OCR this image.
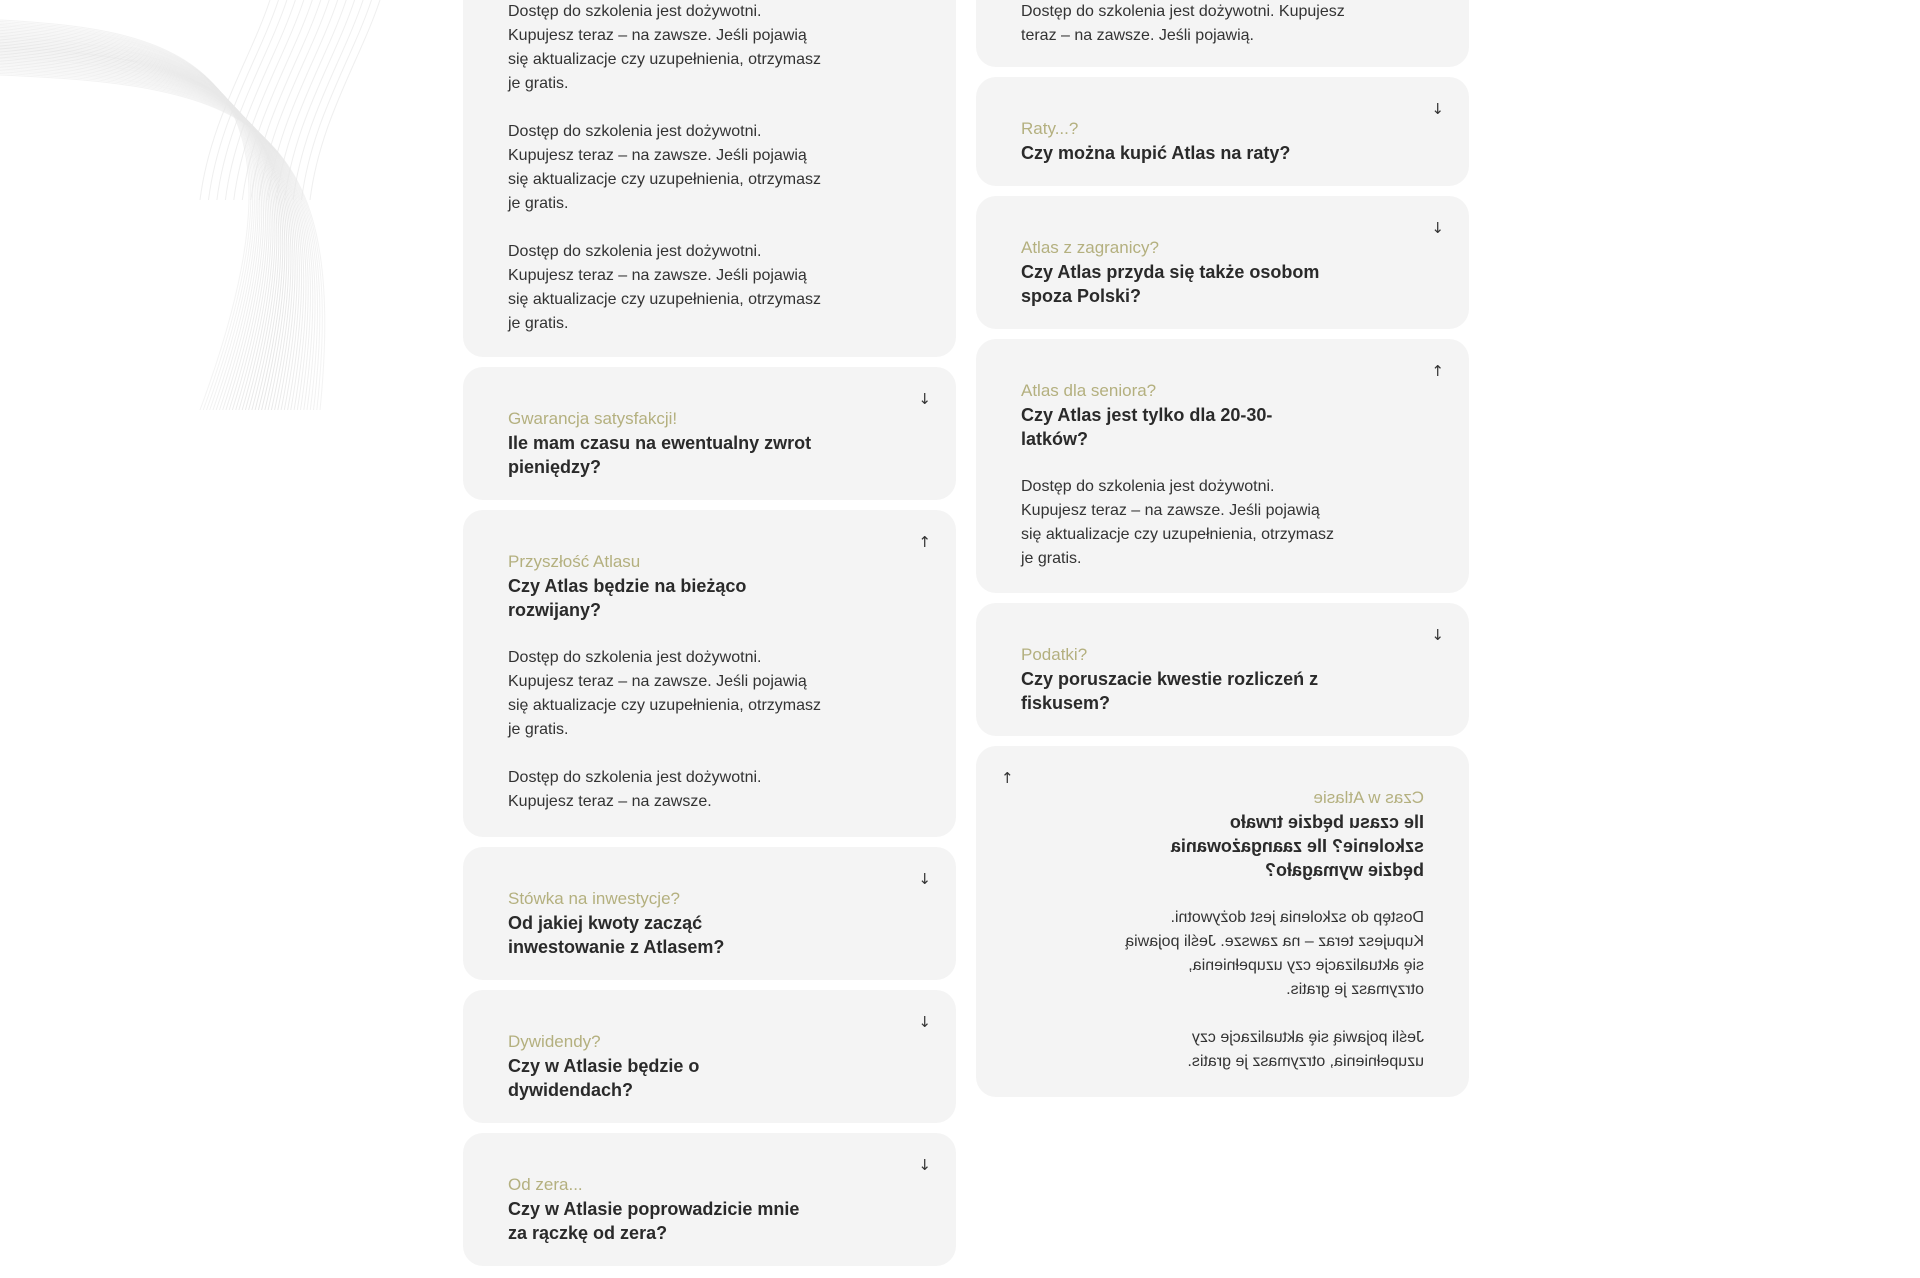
Dostęp do szkolenia jest dożywotni. Kupujesz teraz – na zawsze. Jeśli pojawią się aktualizacje czy uzupełnienia, otrzymasz je gratis.

Dostęp do szkolenia jest dożywotni. Kupujesz teraz – na zawsze. Jeśli pojawią się aktualizacje czy uzupełnienia, otrzymasz je gratis.

Dostęp do szkolenia jest dożywotni. Kupujesz teraz – na zawsze. Jeśli pojawią się aktualizacje czy uzupełnienia, otrzymasz je gratis.

↓
Gwarancja satysfakcji!
Ile mam czasu na ewentualny zwrot pieniędzy?
↑
Przyszłość Atlasu
Czy Atlas będzie na bieżąco rozwijany?

Dostęp do szkolenia jest dożywotni. Kupujesz teraz – na zawsze. Jeśli pojawią się aktualizacje czy uzupełnienia, otrzymasz je gratis.

Dostęp do szkolenia jest dożywotni. Kupujesz teraz – na zawsze.

↓
Stówka na inwestycje?
Od jakiej kwoty zacząć inwestowanie z Atlasem?
↓
Dywidendy?
Czy w Atlasie będzie o dywidendach?
↓
Od zera...
Czy w Atlasie poprowadzicie mnie za rączkę od zera?

Dostęp do szkolenia jest dożywotni. Kupujesz teraz – na zawsze. Jeśli pojawią.

↓
Raty...?
Czy można kupić Atlas na raty?
↓
Atlas z zagranicy?
Czy Atlas przyda się także osobom spoza Polski?
↑
Atlas dla seniora?
Czy Atlas jest tylko dla 20-30-latków?

Dostęp do szkolenia jest dożywotni. Kupujesz teraz – na zawsze. Jeśli pojawią się aktualizacje czy uzupełnienia, otrzymasz je gratis.

↓
Podatki?
Czy poruszacie kwestie rozliczeń z fiskusem?
↑
Czas w Atlasie
Ile czasu będzie trwało szkolenie? Ile zaangażowania będzie wymagało?

Dostęp do szkolenia jest dożywotni. Kupujesz teraz – na zawsze. Jeśli pojawią się aktualizacje czy uzupełnienia, otrzymasz je gratis.

Jeśli pojawią się aktualizacje czy uzupełnienia, otrzymasz je gratis.
